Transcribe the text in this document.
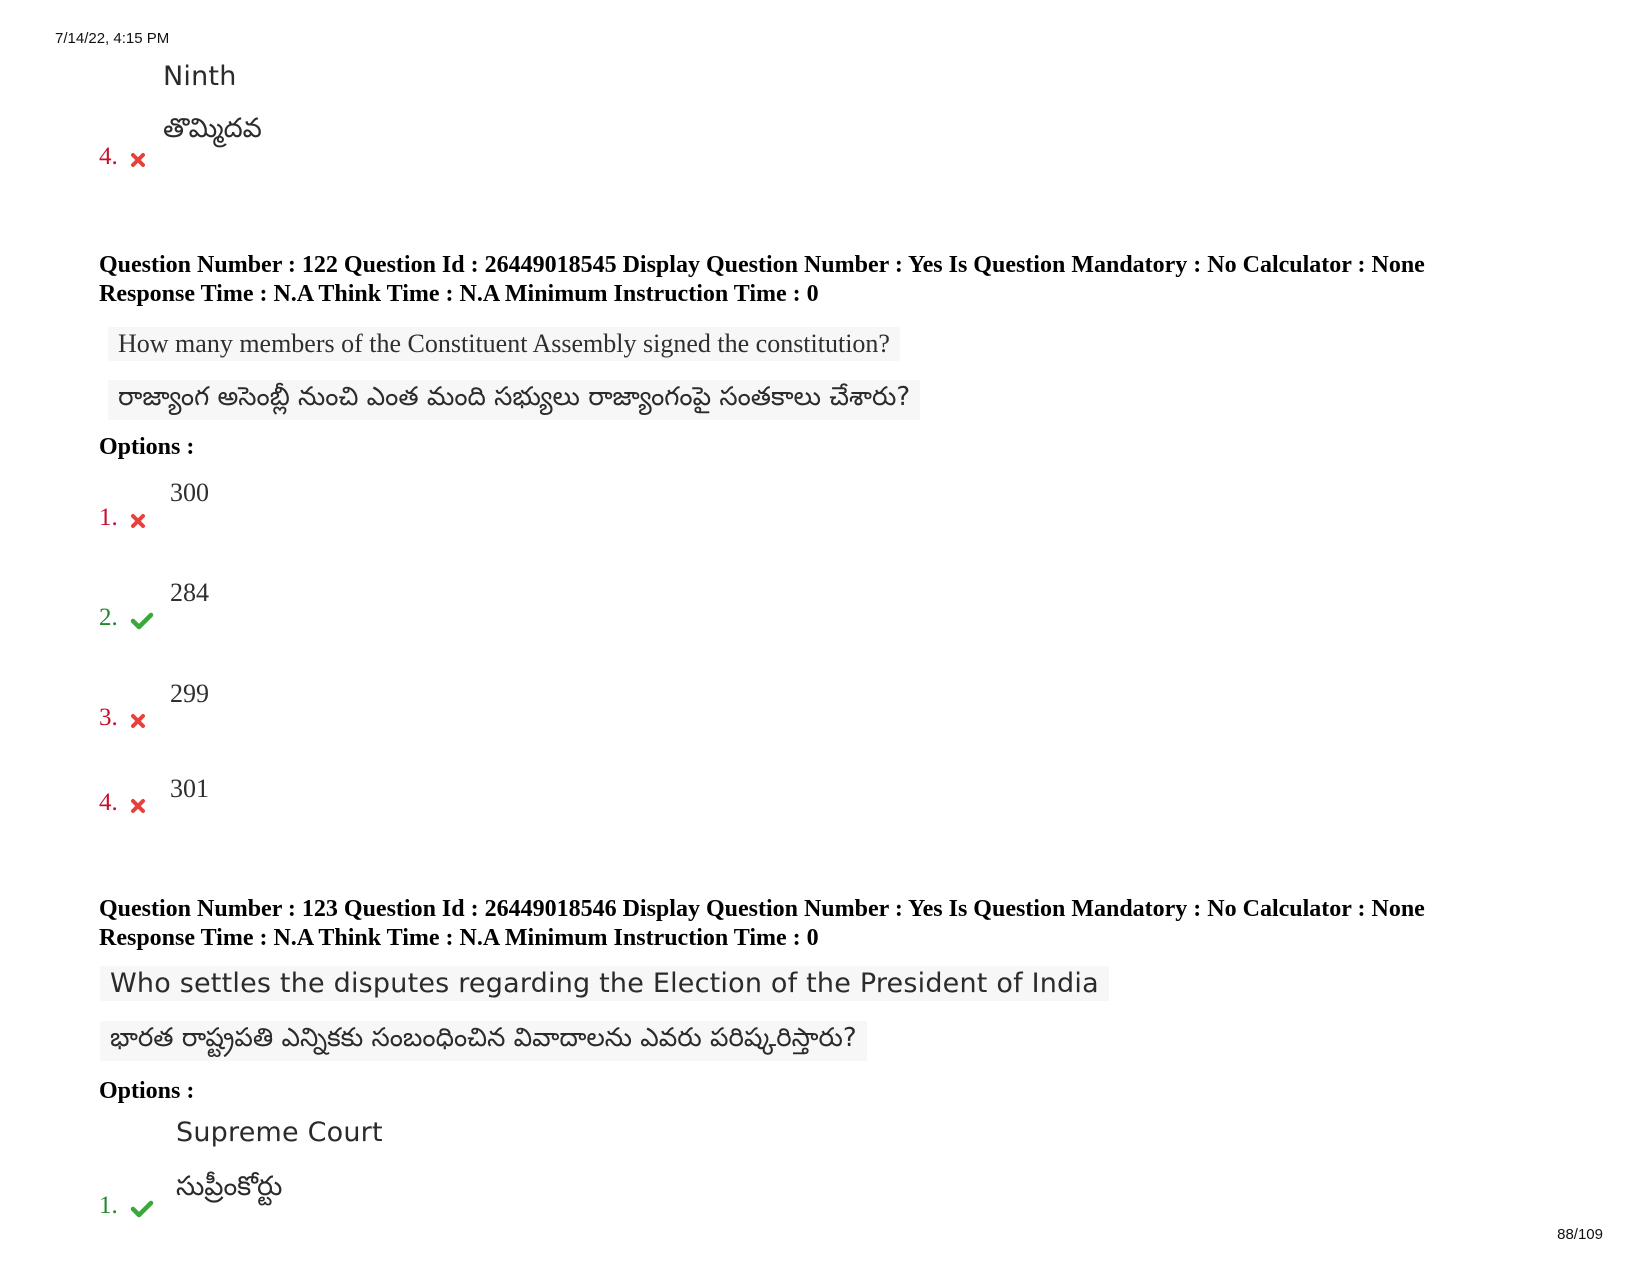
7/14/22, 4:15 PM
88/109
Ninth
తొమ్మిదవ
4.
Question Number : 122 Question Id : 26449018545 Display Question Number : Yes Is Question Mandatory : No Calculator : None
Response Time : N.A Think Time : N.A Minimum Instruction Time : 0
How many members of the Constituent Assembly signed the constitution?
రాజ్యాంగ అసెంబ్లీ నుంచి ఎంత మంది సభ్యులు రాజ్యాంగంపై సంతకాలు చేశారు?
Options :
300
1.
284
2.
299
3.
301
4.
Question Number : 123 Question Id : 26449018546 Display Question Number : Yes Is Question Mandatory : No Calculator : None
Response Time : N.A Think Time : N.A Minimum Instruction Time : 0
Who settles the disputes regarding the Election of the President of India
భారత రాష్ట్రపతి ఎన్నికకు సంబంధించిన వివాదాలను ఎవరు పరిష్కరిస్తారు?
Options :
Supreme Court
సుప్రీంకోర్టు
1.
